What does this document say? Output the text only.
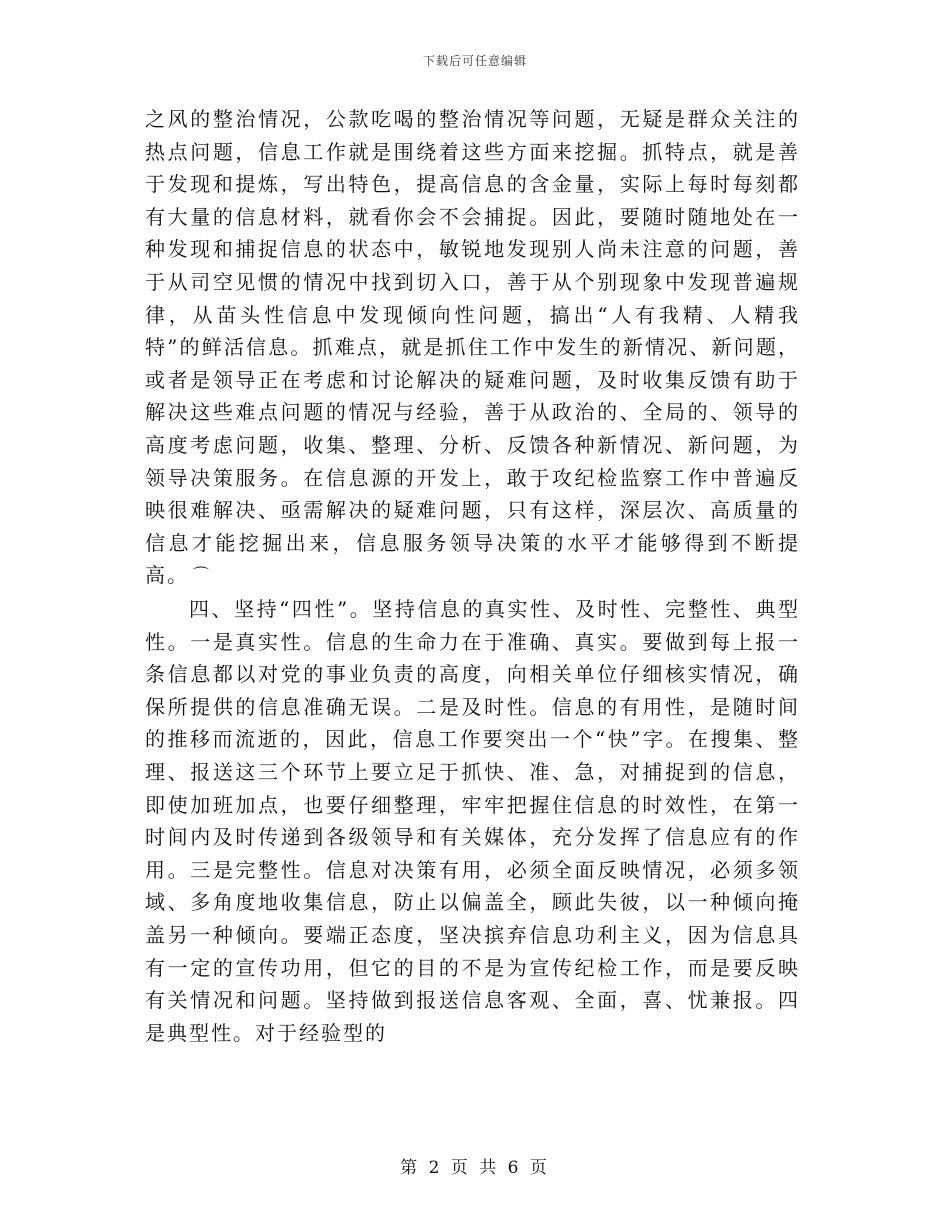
下载后可任意编辑

之风的整治情况，公款吃喝的整治情况等问题，无疑是群众关注的热点问题，信息工作就是围绕着这些方面来挖掘。抓特点，就是善于发现和提炼，写出特色，提高信息的含金量，实际上每时每刻都有大量的信息材料，就看你会不会捕捉。因此，要随时随地处在一种发现和捕捉信息的状态中，敏锐地发现别人尚未注意的问题，善于从司空见惯的情况中找到切入口，善于从个别现象中发现普遍规律，从苗头性信息中发现倾向性问题，搞出“人有我精、人精我特”的鲜活信息。抓难点，就是抓住工作中发生的新情况、新问题，或者是领导正在考虑和讨论解决的疑难问题，及时收集反馈有助于解决这些难点问题的情况与经验，善于从政治的、全局的、领导的高度考虑问题，收集、整理、分析、反馈各种新情况、新问题，为领导决策服务。在信息源的开发上，敢于攻纪检监察工作中普遍反映很难解决、亟需解决的疑难问题，只有这样，深层次、高质量的信息才能挖掘出来，信息服务领导决策的水平才能够得到不断提高。 ⌒

四、坚持“四性”。坚持信息的真实性、及时性、完整性、典型性。一是真实性。信息的生命力在于准确、真实。要做到每上报一条信息都以对党的事业负责的高度，向相关单位仔细核实情况，确保所提供的信息准确无误。二是及时性。信息的有用性，是随时间的推移而流逝的，因此，信息工作要突出一个“快”字。在搜集、整理、报送这三个环节上要立足于抓快、准、急，对捕捉到的信息，即使加班加点，也要仔细整理，牢牢把握住信息的时效性，在第一时间内及时传递到各级领导和有关媒体，充分发挥了信息应有的作用。三是完整性。信息对决策有用，必须全面反映情况，必须多领域、多角度地收集信息，防止以偏盖全，顾此失彼，以一种倾向掩盖另一种倾向。要端正态度，坚决摈弃信息功利主义，因为信息具有一定的宣传功用，但它的目的不是为宣传纪检工作，而是要反映有关情况和问题。坚持做到报送信息客观、全面，喜、忧兼报。四是典型性。对于经验型的

第 2 页 共 6 页
